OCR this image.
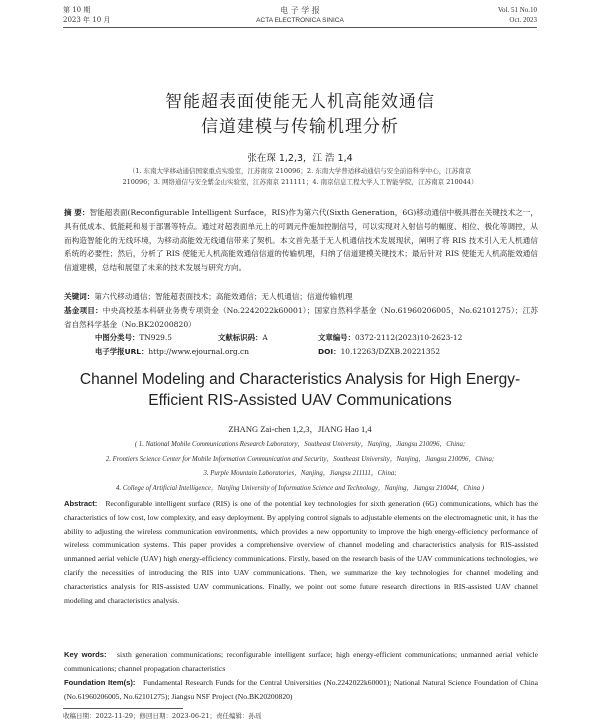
第 10 期
2023 年 10 月
电 子 学 报
ACTA ELECTRONICA SINICA
Vol. 51 No.10
Oct. 2023
智能超表面使能无人机高能效通信
信道建模与传输机理分析
张在琛 1,2,3，江 浩 1,4
（1. 东南大学移动通信国家重点实验室，江苏南京 210096；2. 东南大学普适移动通信与安全前沿科学中心，江苏南京
210096；3. 网络通信与安全紫金山实验室，江苏南京 211111；4. 南京信息工程大学人工智能学院，江苏南京 210044）
摘 要：智能超表面(Reconfigurable Intelligent Surface，RIS)作为第六代(Sixth Generation，6G)移动通信中极具潜在关键技术之一，具有低成本、低能耗和易于部署等特点。通过对超表面单元上的可调元件施加控制信号，可以实现对入射信号的幅度、相位、极化等调控，从而构造智能化的无线环境，为移动高能效无线通信带来了契机。本文首先基于无人机通信技术发展现状，阐明了将 RIS 技术引入无人机通信系统的必要性；然后，分析了 RIS 使能无人机高能效通信信道的传输机理，归纳了信道建模关键技术；最后针对 RIS 使能无人机高能效通信信道建模，总结和展望了未来的技术发展与研究方向。
关键词：第六代移动通信；智能超表面技术；高能效通信；无人机通信；信道传输机理
基金项目：中央高校基本科研业务费专项资金（No.2242022k60001）；国家自然科学基金（No.61960206005，No.62101275）；江苏省自然科学基金（No.BK20200820）
中图分类号：TN929.5	文献标识码：A	文章编号：0372-2112(2023)10-2623-12
电子学报URL：http://www.ejournal.org.cn	DOI：10.12263/DZXB.20221352
Channel Modeling and Characteristics Analysis for High Energy-
Efficient RIS-Assisted UAV Communications
ZHANG Zai-chen 1,2,3，JIANG Hao 1,4
( 1. National Mobile Communications Research Laboratory，Southeast University，Nanjing，Jiangsu 210096，China;
2. Frontiers Science Center for Mobile Information Communication and Security，Southeast University，Nanjing，Jiangsu 210096，China;
3. Purple Mountain Laboratories，Nanjing，Jiangsu 211111，China;
4. College of Artificial Intelligence，Nanjing University of Information Science and Technology，Nanjing，Jiangsu 210044，China )
Abstract: Reconfigurable intelligent surface (RIS) is one of the potential key technologies for sixth generation (6G) communications, which has the characteristics of low cost, low complexity, and easy deployment. By applying control signals to adjustable elements on the electromagnetic unit, it has the ability to adjusting the wireless communication environments, which provides a new opportunity to improve the high energy-efficiency performance of wireless communication systems. This paper provides a comprehensive overview of channel modeling and characteristics analysis for RIS-assisted unmanned aerial vehicle (UAV) high energy-efficiency communications. Firstly, based on the research basis of the UAV communications technologies, we clarify the necessities of introducing the RIS into UAV communications. Then, we summarize the key technologies for channel modeling and characteristics analysis for RIS-assisted UAV communications. Finally, we point out some future research directions in RIS-assisted UAV channel modeling and characteristics analysis.
Key words: sixth generation communications; reconfigurable intelligent surface; high energy-efficient communications; unmanned aerial vehicle communications; channel propagation characteristics
Foundation Item(s): Fundamental Research Funds for the Central Universities (No.2242022k60001); National Natural Science Foundation of China (No.61960206005, No.62101275); Jiangsu NSF Project (No.BK20200820)
收稿日期：2022-11-29；修回日期：2023-06-21；责任编辑：孙瑶
